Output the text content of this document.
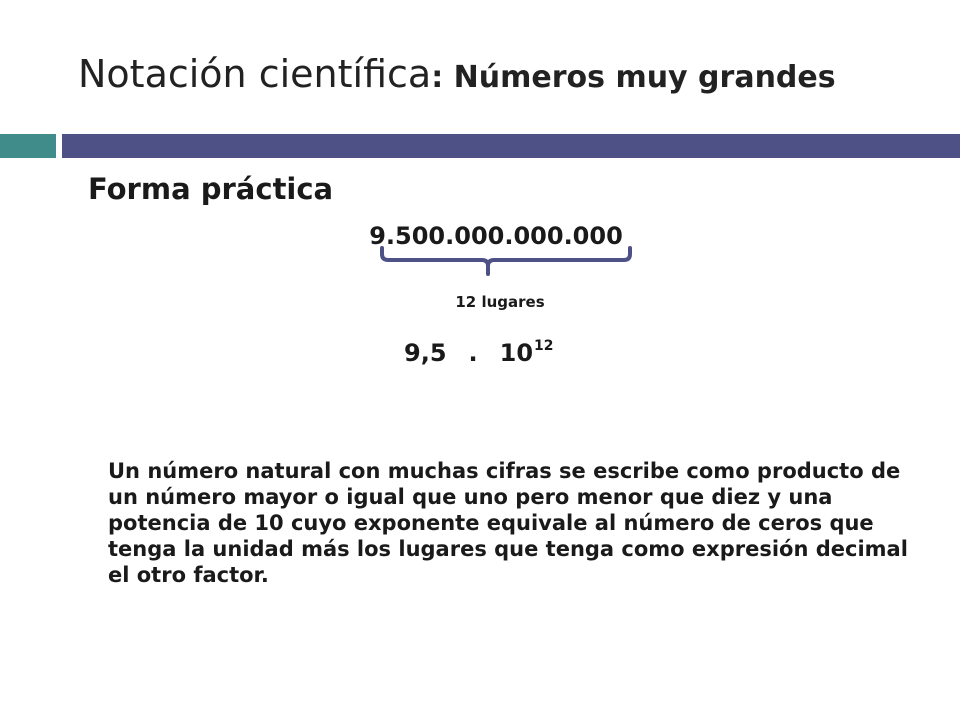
Notación científica: Números muy grandes
Forma práctica
9.500.000.000.000
12 lugares
9,5 . $10^{12}$
Un número natural con muchas cifras se escribe como producto de un número mayor o igual que uno pero menor que diez y una potencia de 10 cuyo exponente equivale al número de ceros que tenga la unidad más los lugares que tenga como expresión decimal el otro factor.
